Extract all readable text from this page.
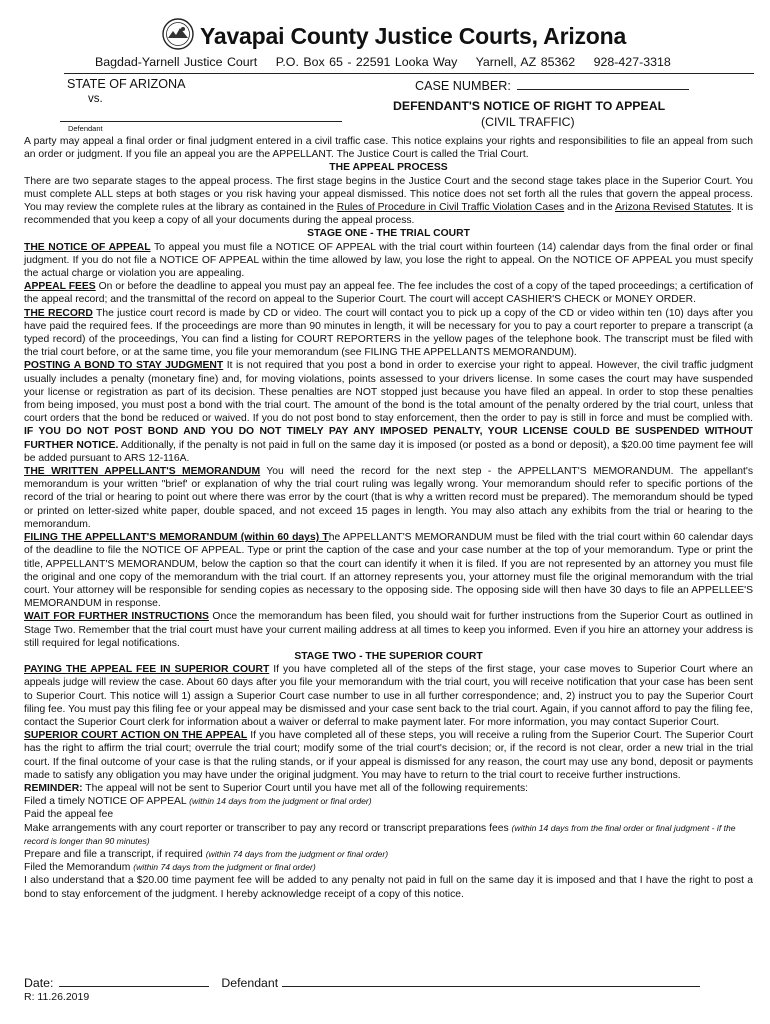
Yavapai County Justice Courts, Arizona
Bagdad-Yarnell Justice Court P.O. Box 65 - 22591 Looka Way Yarnell, AZ 85362 928-427-3318
STATE OF ARIZONA
vs.
CASE NUMBER:
DEFENDANT'S NOTICE OF RIGHT TO APPEAL
(CIVIL TRAFFIC)
Defendant

A party may appeal a final order or final judgment entered in a civil traffic case. This notice explains your rights and responsibilities to file an appeal from such an order or judgment. If you file an appeal you are the APPELLANT. The Justice Court is called the Trial Court.

THE APPEAL PROCESS

There are two separate stages to the appeal process. The first stage begins in the Justice Court and the second stage takes place in the Superior Court. You must complete ALL steps at both stages or you risk having your appeal dismissed. This notice does not set forth all the rules that govern the appeal process. You may review the complete rules at the library as contained in the Rules of Procedure in Civil Traffic Violation Cases and in the Arizona Revised Statutes. It is recommended that you keep a copy of all your documents during the appeal process.

STAGE ONE - THE TRIAL COURT

THE NOTICE OF APPEAL To appeal you must file a NOTICE OF APPEAL with the trial court within fourteen (14) calendar days from the final order or final judgment. If you do not file a NOTICE OF APPEAL within the time allowed by law, you lose the right to appeal. On the NOTICE OF APPEAL you must specify the actual charge or violation you are appealing.

APPEAL FEES On or before the deadline to appeal you must pay an appeal fee. The fee includes the cost of a copy of the taped proceedings; a certification of the appeal record; and the transmittal of the record on appeal to the Superior Court. The court will accept CASHIER'S CHECK or MONEY ORDER.

THE RECORD The justice court record is made by CD or video. The court will contact you to pick up a copy of the CD or video within ten (10) days after you have paid the required fees. If the proceedings are more than 90 minutes in length, it will be necessary for you to pay a court reporter to prepare a transcript (a typed record) of the proceedings, You can find a listing for COURT REPORTERS in the yellow pages of the telephone book. The transcript must be filed with the trial court before, or at the same time, you file your memorandum (see FILING THE APPELLANTS MEMORANDUM).

POSTING A BOND TO STAY JUDGMENT It is not required that you post a bond in order to exercise your right to appeal. However, the civil traffic judgment usually includes a penalty (monetary fine) and, for moving violations, points assessed to your drivers license. In some cases the court may have suspended your license or registration as part of its decision. These penalties are NOT stopped just because you have filed an appeal. In order to stop these penalties from being imposed, you must post a bond with the trial court. The amount of the bond is the total amount of the penalty ordered by the trial court, unless that court orders that the bond be reduced or waived. If you do not post bond to stay enforcement, then the order to pay is still in force and must be complied with. IF YOU DO NOT POST BOND AND YOU DO NOT TIMELY PAY ANY IMPOSED PENALTY, YOUR LICENSE COULD BE SUSPENDED WITHOUT FURTHER NOTICE. Additionally, if the penalty is not paid in full on the same day it is imposed (or posted as a bond or deposit), a $20.00 time payment fee will be added pursuant to ARS 12-116A.

THE WRITTEN APPELLANT'S MEMORANDUM You will need the record for the next step - the APPELLANT'S MEMORANDUM. The appellant's memorandum is your written "brief' or explanation of why the trial court ruling was legally wrong. Your memorandum should refer to specific portions of the record of the trial or hearing to point out where there was error by the court (that is why a written record must be prepared). The memorandum should be typed or printed on letter-sized white paper, double spaced, and not exceed 15 pages in length. You may also attach any exhibits from the trial or hearing to the memorandum.

FILING THE APPELLANT'S MEMORANDUM (within 60 days) The APPELLANT'S MEMORANDUM must be filed with the trial court within 60 calendar days of the deadline to file the NOTICE OF APPEAL. Type or print the caption of the case and your case number at the top of your memorandum. Type or print the title, APPELLANT'S MEMORANDUM, below the caption so that the court can identify it when it is filed. If you are not represented by an attorney you must file the original and one copy of the memorandum with the trial court. If an attorney represents you, your attorney must file the original memorandum with the trial court. Your attorney will be responsible for sending copies as necessary to the opposing side. The opposing side will then have 30 days to file an APPELLEE'S MEMORANDUM in response.

WAIT FOR FURTHER INSTRUCTIONS Once the memorandum has been filed, you should wait for further instructions from the Superior Court as outlined in Stage Two. Remember that the trial court must have your current mailing address at all times to keep you informed. Even if you hire an attorney your address is still required for legal notifications.

STAGE TWO - THE SUPERIOR COURT

PAYING THE APPEAL FEE IN SUPERIOR COURT If you have completed all of the steps of the first stage, your case moves to Superior Court where an appeals judge will review the case. About 60 days after you file your memorandum with the trial court, you will receive notification that your case has been sent to Superior Court. This notice will 1) assign a Superior Court case number to use in all further correspondence; and, 2) instruct you to pay the Superior Court filing fee. You must pay this filing fee or your appeal may be dismissed and your case sent back to the trial court. Again, if you cannot afford to pay the filing fee, contact the Superior Court clerk for information about a waiver or deferral to make payment later. For more information, you may contact Superior Court.

SUPERIOR COURT ACTION ON THE APPEAL If you have completed all of these steps, you will receive a ruling from the Superior Court. The Superior Court has the right to affirm the trial court; overrule the trial court; modify some of the trial court's decision; or, if the record is not clear, order a new trial in the trial court. If the final outcome of your case is that the ruling stands, or if your appeal is dismissed for any reason, the court may use any bond, deposit or payments made to satisfy any obligation you may have under the original judgment. You may have to return to the trial court to receive further instructions.

REMINDER: The appeal will not be sent to Superior Court until you have met all of the following requirements:

Filed a timely NOTICE OF APPEAL (within 14 days from the judgment or final order)

Paid the appeal fee

Make arrangements with any court reporter or transcriber to pay any record or transcript preparations fees (within 14 days from the final order or final judgment - if the record is longer than 90 minutes)

Prepare and file a transcript, if required (within 74 days from the judgment or final order)

Filed the Memorandum (within 74 days from the judgment or final order)

I also understand that a $20.00 time payment fee will be added to any penalty not paid in full on the same day it is imposed and that I have the right to post a bond to stay enforcement of the judgment. I hereby acknowledge receipt of a copy of this notice.

Date:	Defendant
R: 11.26.2019
